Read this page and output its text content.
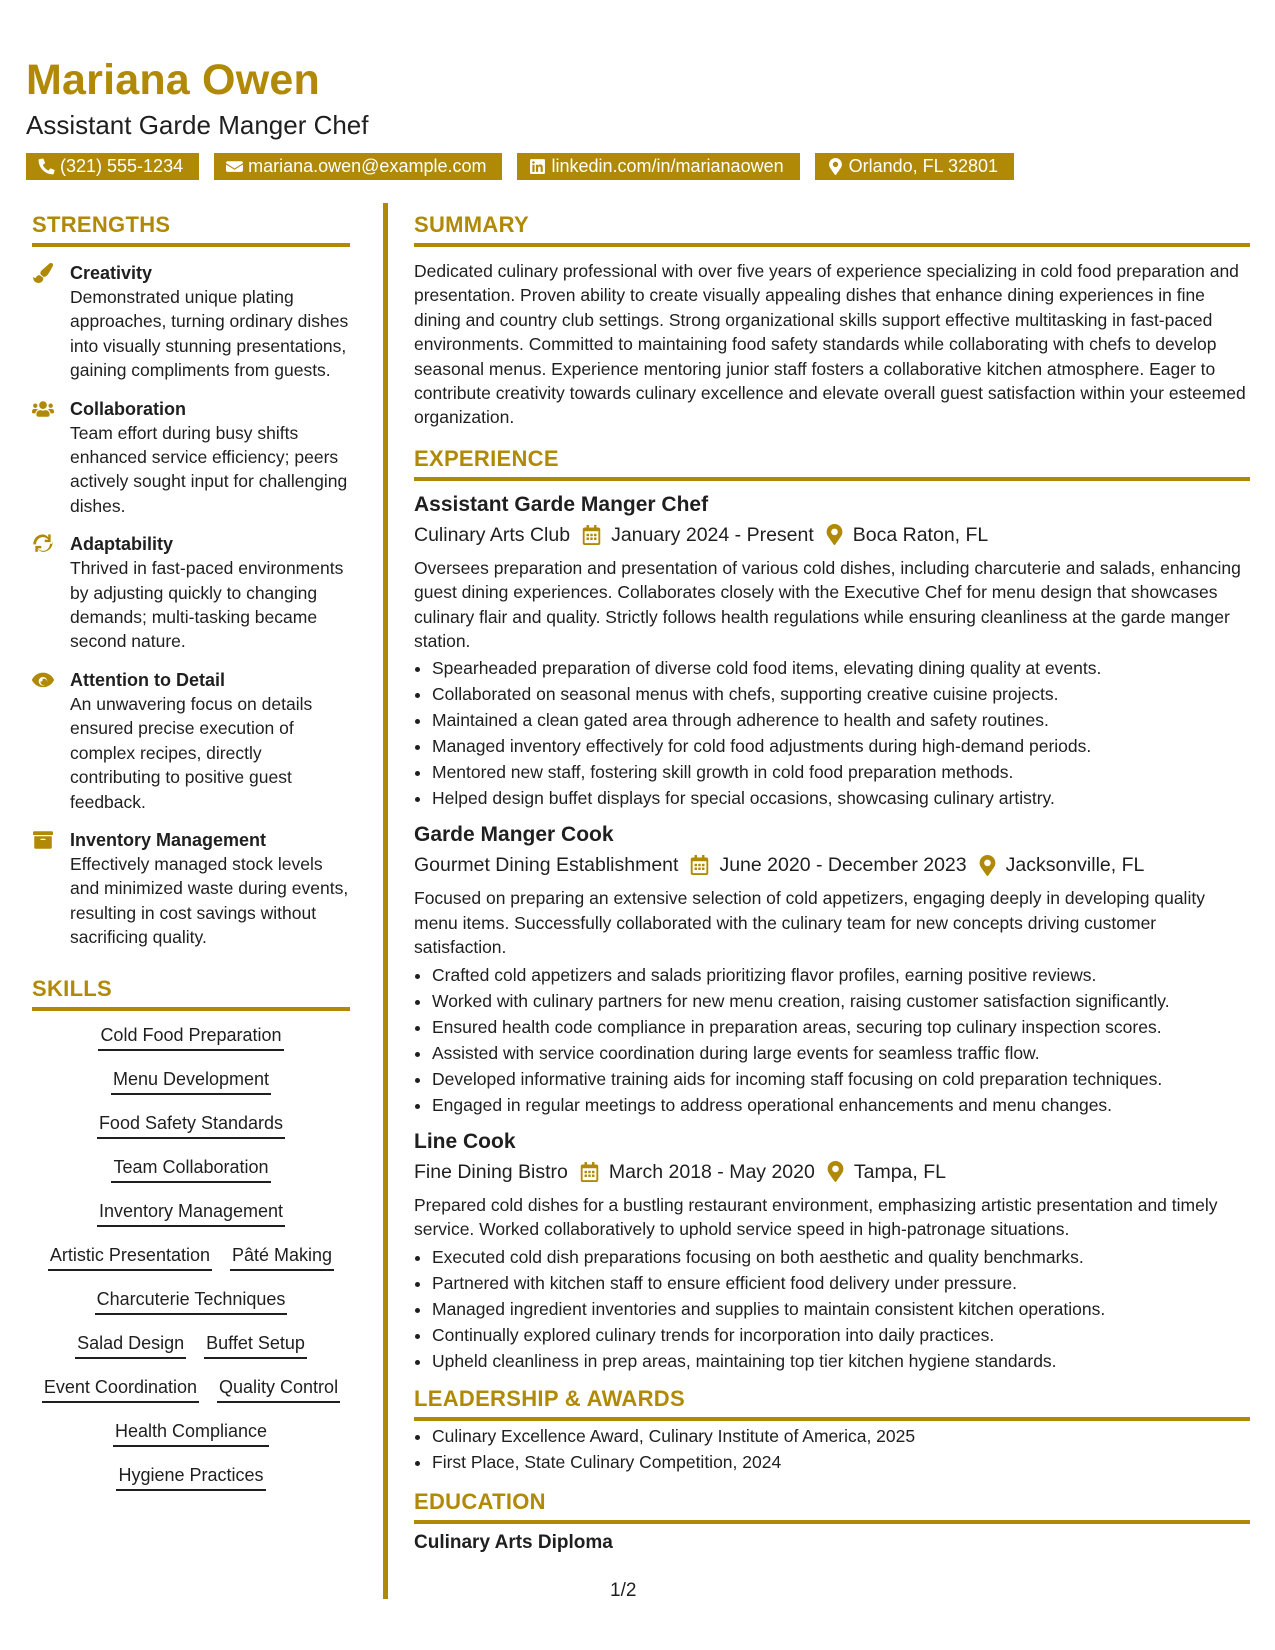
Mariana Owen
Assistant Garde Manger Chef
(321) 555-1234	mariana.owen@example.com	linkedin.com/in/marianaowen	Orlando, FL 32801
STRENGTHS
Creativity
Demonstrated unique plating approaches, turning ordinary dishes into visually stunning presentations, gaining compliments from guests.
Collaboration
Team effort during busy shifts enhanced service efficiency; peers actively sought input for challenging dishes.
Adaptability
Thrived in fast-paced environments by adjusting quickly to changing demands; multi-tasking became second nature.
Attention to Detail
An unwavering focus on details ensured precise execution of complex recipes, directly contributing to positive guest feedback.
Inventory Management
Effectively managed stock levels and minimized waste during events, resulting in cost savings without sacrificing quality.
SKILLS
Cold Food Preparation
Menu Development
Food Safety Standards
Team Collaboration
Inventory Management
Artistic Presentation Pâté Making
Charcuterie Techniques
Salad Design Buffet Setup
Event Coordination Quality Control
Health Compliance
Hygiene Practices
SUMMARY
Dedicated culinary professional with over five years of experience specializing in cold food preparation and presentation. Proven ability to create visually appealing dishes that enhance dining experiences in fine dining and country club settings. Strong organizational skills support effective multitasking in fast-paced environments. Committed to maintaining food safety standards while collaborating with chefs to develop seasonal menus. Experience mentoring junior staff fosters a collaborative kitchen atmosphere. Eager to contribute creativity towards culinary excellence and elevate overall guest satisfaction within your esteemed organization.
EXPERIENCE
Assistant Garde Manger Chef
Culinary Arts Club January 2024 - Present Boca Raton, FL
Oversees preparation and presentation of various cold dishes, including charcuterie and salads, enhancing guest dining experiences. Collaborates closely with the Executive Chef for menu design that showcases culinary flair and quality. Strictly follows health regulations while ensuring cleanliness at the garde manger station.
• Spearheaded preparation of diverse cold food items, elevating dining quality at events.
• Collaborated on seasonal menus with chefs, supporting creative cuisine projects.
• Maintained a clean gated area through adherence to health and safety routines.
• Managed inventory effectively for cold food adjustments during high-demand periods.
• Mentored new staff, fostering skill growth in cold food preparation methods.
• Helped design buffet displays for special occasions, showcasing culinary artistry.
Garde Manger Cook
Gourmet Dining Establishment June 2020 - December 2023 Jacksonville, FL
Focused on preparing an extensive selection of cold appetizers, engaging deeply in developing quality menu items. Successfully collaborated with the culinary team for new concepts driving customer satisfaction.
• Crafted cold appetizers and salads prioritizing flavor profiles, earning positive reviews.
• Worked with culinary partners for new menu creation, raising customer satisfaction significantly.
• Ensured health code compliance in preparation areas, securing top culinary inspection scores.
• Assisted with service coordination during large events for seamless traffic flow.
• Developed informative training aids for incoming staff focusing on cold preparation techniques.
• Engaged in regular meetings to address operational enhancements and menu changes.
Line Cook
Fine Dining Bistro March 2018 - May 2020 Tampa, FL
Prepared cold dishes for a bustling restaurant environment, emphasizing artistic presentation and timely service. Worked collaboratively to uphold service speed in high-patronage situations.
• Executed cold dish preparations focusing on both aesthetic and quality benchmarks.
• Partnered with kitchen staff to ensure efficient food delivery under pressure.
• Managed ingredient inventories and supplies to maintain consistent kitchen operations.
• Continually explored culinary trends for incorporation into daily practices.
• Upheld cleanliness in prep areas, maintaining top tier kitchen hygiene standards.
LEADERSHIP & AWARDS
• Culinary Excellence Award, Culinary Institute of America, 2025
• First Place, State Culinary Competition, 2024
EDUCATION
Culinary Arts Diploma
1/2
